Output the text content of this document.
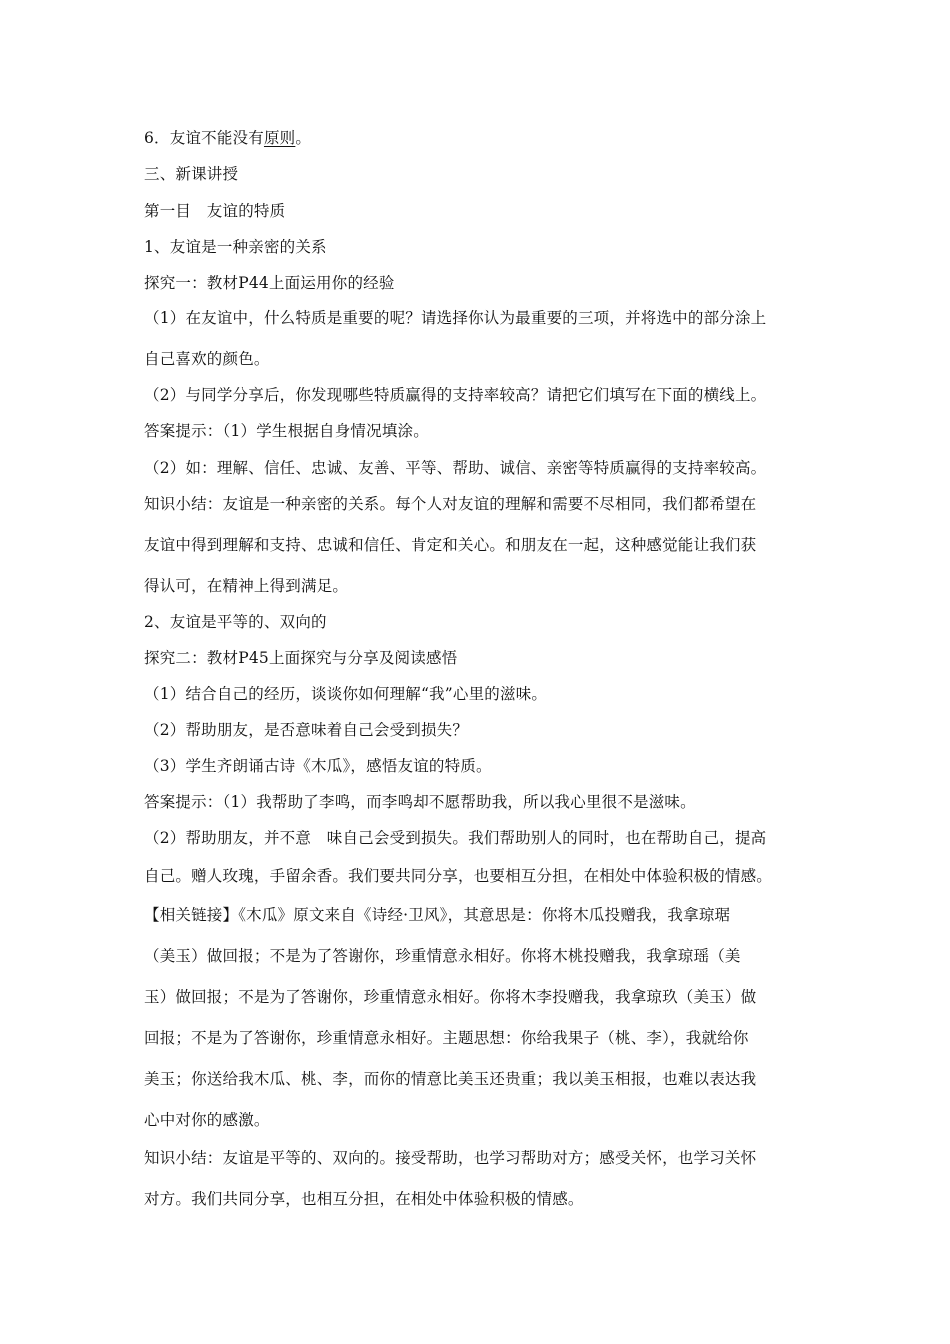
6．友谊不能没有原则。
三、新课讲授
第一目　友谊的特质
1、友谊是一种亲密的关系
探究一：教材P44上面运用你的经验
（1）在友谊中，什么特质是重要的呢？请选择你认为最重要的三项，并将选中的部分涂上
自己喜欢的颜色。
（2）与同学分享后，你发现哪些特质赢得的支持率较高？请把它们填写在下面的横线上。
答案提示：（1）学生根据自身情况填涂。
（2）如：理解、信任、忠诚、友善、平等、帮助、诚信、亲密等特质赢得的支持率较高。
知识小结：友谊是一种亲密的关系。每个人对友谊的理解和需要不尽相同，我们都希望在
友谊中得到理解和支持、忠诚和信任、肯定和关心。和朋友在一起，这种感觉能让我们获
得认可，在精神上得到满足。
2、友谊是平等的、双向的
探究二：教材P45上面探究与分享及阅读感悟
（1）结合自己的经历，谈谈你如何理解“我”心里的滋味。
（2）帮助朋友，是否意味着自己会受到损失？
（3）学生齐朗诵古诗《木瓜》，感悟友谊的特质。
答案提示：（1）我帮助了李鸣，而李鸣却不愿帮助我，所以我心里很不是滋味。
（2）帮助朋友，并不意　味自己会受到损失。我们帮助别人的同时，也在帮助自己，提高
自己。赠人玫瑰，手留余香。我们要共同分享，也要相互分担，在相处中体验积极的情感。
【相关链接】《木瓜》原文来自《诗经·卫风》，其意思是：你将木瓜投赠我，我拿琼琚
（美玉）做回报；不是为了答谢你，珍重情意永相好。你将木桃投赠我，我拿琼瑶（美
玉）做回报；不是为了答谢你，珍重情意永相好。你将木李投赠我，我拿琼玖（美玉）做
回报；不是为了答谢你，珍重情意永相好。主题思想：你给我果子（桃、李），我就给你
美玉；你送给我木瓜、桃、李，而你的情意比美玉还贵重；我以美玉相报，也难以表达我
心中对你的感激。
知识小结：友谊是平等的、双向的。接受帮助，也学习帮助对方；感受关怀，也学习关怀
对方。我们共同分享，也相互分担，在相处中体验积极的情感。
